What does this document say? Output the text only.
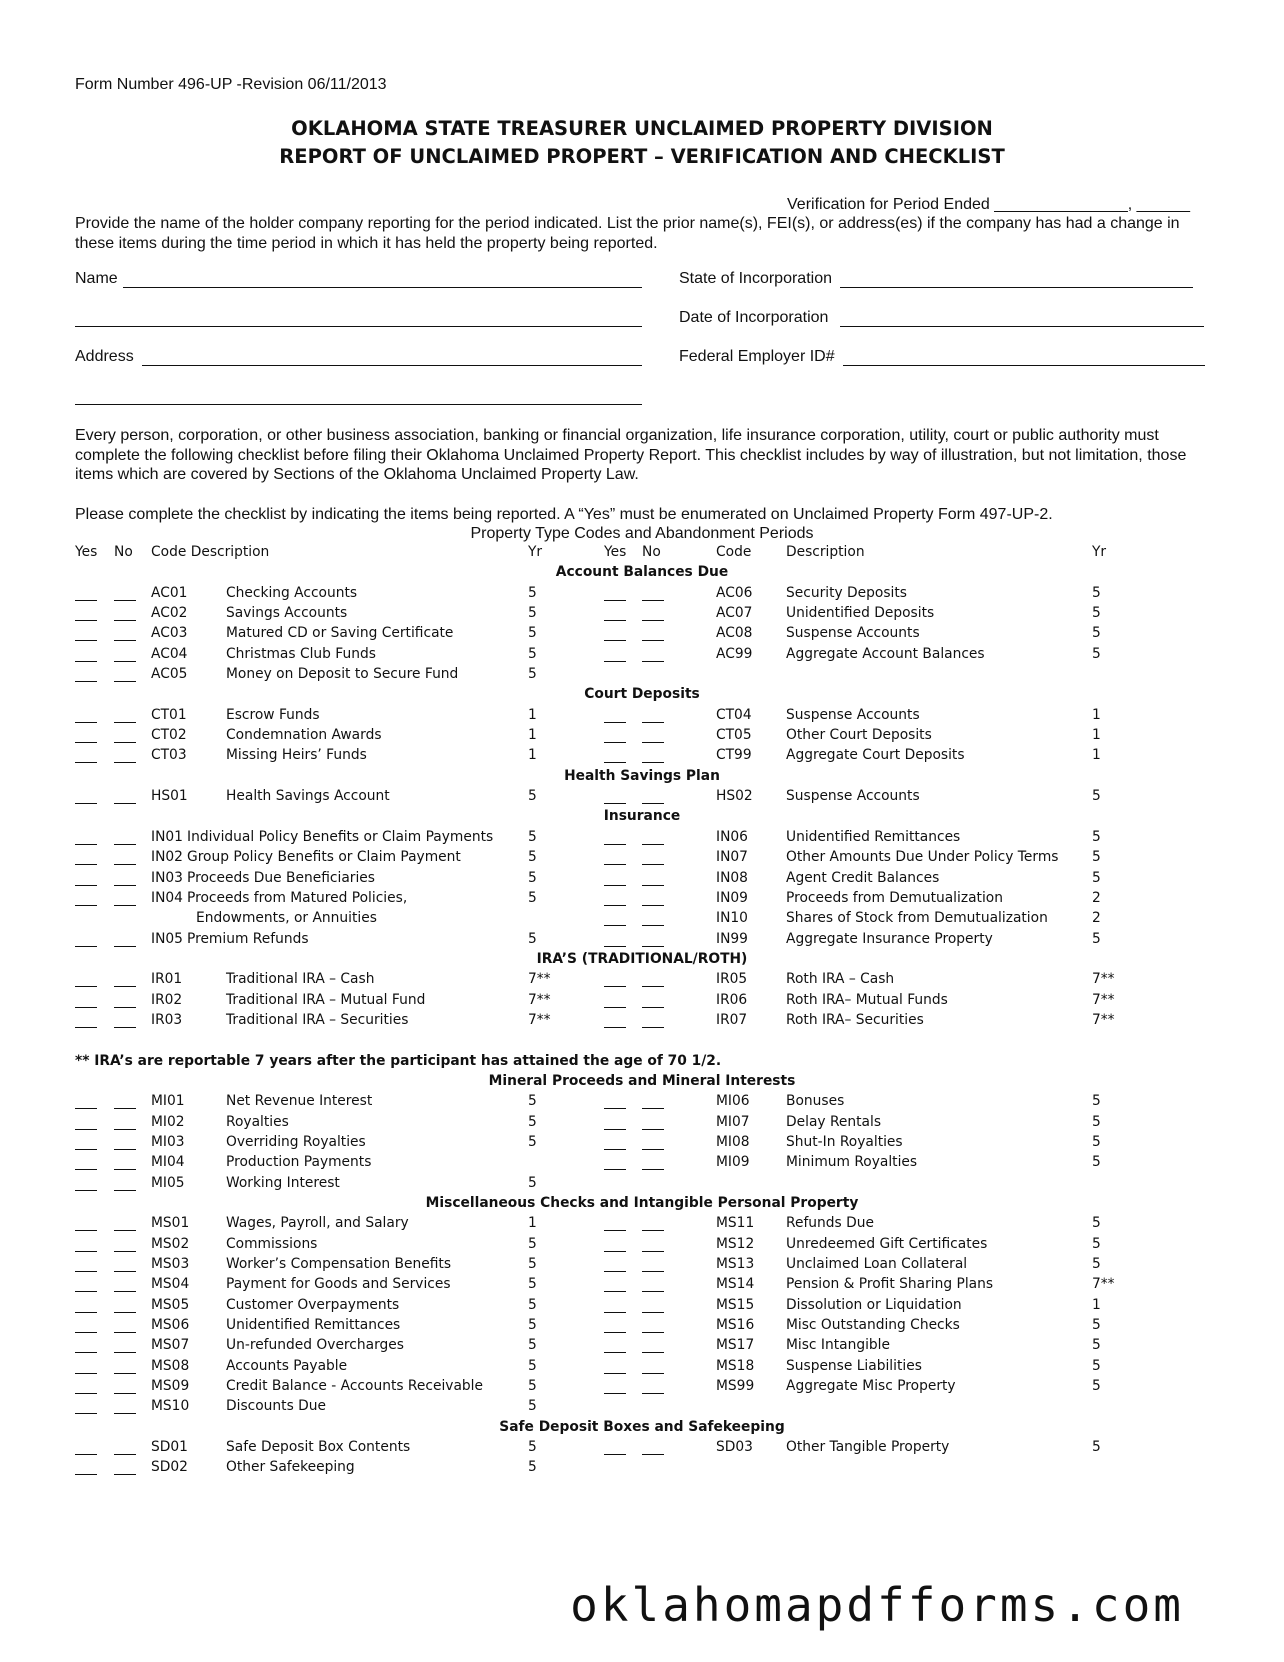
Form Number 496-UP -Revision 06/11/2013
OKLAHOMA STATE TREASURER UNCLAIMED PROPERTY DIVISION
REPORT OF UNCLAIMED PROPERT – VERIFICATION AND CHECKLIST
Verification for Period Ended _______________, ______
Provide the name of the holder company reporting for the period indicated. List the prior name(s), FEI(s), or address(es) if the company has had a change in these items during the time period in which it has held the property being reported.
Name
Address
State of Incorporation
Date of Incorporation
Federal Employer ID#
Every person, corporation, or other business association, banking or financial organization, life insurance corporation, utility, court or public authority must complete the following checklist before filing their Oklahoma Unclaimed Property Report. This checklist includes by way of illustration, but not limitation, those items which are covered by Sections of the Oklahoma Unclaimed Property Law.
Please complete the checklist by indicating the items being reported. A “Yes” must be enumerated on Unclaimed Property Form 497-UP-2.
Property Type Codes and Abandonment Periods
Yes No Code Description	Yr	Yes No	Code	Description	Yr
Account Balances Due
AC01	Checking Accounts	5	AC06 Security Deposits	5
AC02	Savings Accounts	5	AC07 Unidentified Deposits	5
AC03	Matured CD or Saving Certificate	5	AC08 Suspense Accounts	5
AC04	Christmas Club Funds	5	AC99 Aggregate Account Balances	5
AC05	Money on Deposit to Secure Fund	5
Court Deposits
CT01	Escrow Funds	1	CT04 Suspense Accounts	1
CT02	Condemnation Awards	1	CT05 Other Court Deposits	1
CT03	Missing Heirs’ Funds	1	CT99 Aggregate Court Deposits	1
Health Savings Plan
HS01	Health Savings Account	5	HS02 Suspense Accounts	5
Insurance
IN01 Individual Policy Benefits or Claim Payments	5	IN06	Unidentified Remittances	5
IN02 Group Policy Benefits or Claim Payment	5	IN07	Other Amounts Due Under Policy Terms 5
IN03 Proceeds Due Beneficiaries	5	IN08	Agent Credit Balances	5
IN04 Proceeds from Matured Policies,	5	IN09	Proceeds from Demutualization	2
Endowments, or Annuities	IN10	Shares of Stock from Demutualization	2
IN05 Premium Refunds	5	IN99	Aggregate Insurance Property	5
IRA’S (TRADITIONAL/ROTH)
IR01	Traditional IRA – Cash	7**	IR05	Roth IRA – Cash	7**
IR02	Traditional IRA – Mutual Fund	7**	IR06	Roth IRA– Mutual Funds	7**
IR03	Traditional IRA – Securities	7**	IR07	Roth IRA– Securities	7**
** IRA’s are reportable 7 years after the participant has attained the age of 70 1/2.
Mineral Proceeds and Mineral Interests
MI01	Net Revenue Interest	5	MI06	Bonuses	5
MI02	Royalties	5	MI07	Delay Rentals	5
MI03	Overriding Royalties	5	MI08	Shut-In Royalties	5
MI04	Production Payments	MI09	Minimum Royalties	5
MI05	Working Interest	5
Miscellaneous Checks and Intangible Personal Property
MS01	Wages, Payroll, and Salary	1	MS11 Refunds Due	5
MS02	Commissions	5	MS12 Unredeemed Gift Certificates	5
MS03	Worker’s Compensation Benefits	5	MS13 Unclaimed Loan Collateral	5
MS04	Payment for Goods and Services	5	MS14 Pension & Profit Sharing Plans	7**
MS05	Customer Overpayments	5	MS15 Dissolution or Liquidation	1
MS06	Unidentified Remittances	5	MS16 Misc Outstanding Checks	5
MS07	Un-refunded Overcharges	5	MS17 Misc Intangible	5
MS08	Accounts Payable	5	MS18 Suspense Liabilities	5
MS09	Credit Balance - Accounts Receivable	5	MS99 Aggregate Misc Property	5
MS10	Discounts Due	5
Safe Deposit Boxes and Safekeeping
SD01	Safe Deposit Box Contents	5	SD03 Other Tangible Property	5
SD02	Other Safekeeping	5
oklahomapdfforms.com
